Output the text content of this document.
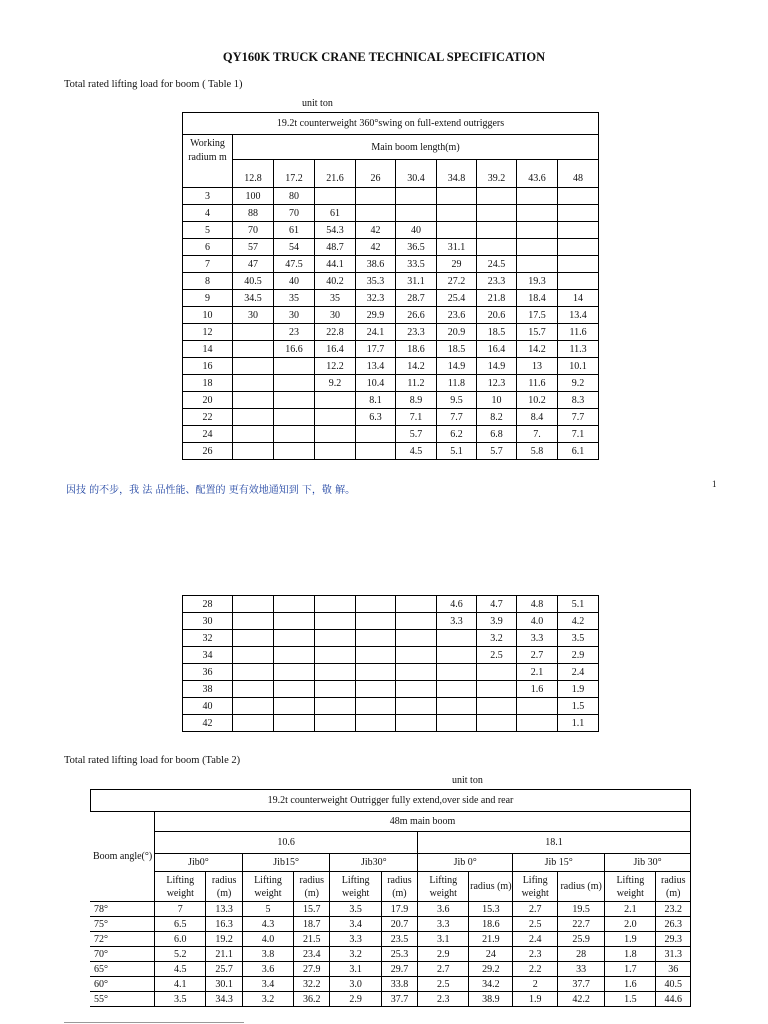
QY160K TRUCK CRANE TECHNICAL SPECIFICATION
Total rated lifting load for boom ( Table 1)
unit ton
19.2t counterweight 360°swing on full-extend outriggers									
Working radium m	Main boom length(m)								
	12.8	17.2	21.6	26	30.4	34.8	39.2	43.6	48
3	100	80							
4	88	70	61						
5	70	61	54.3	42	40				
6	57	54	48.7	42	36.5	31.1			
7	47	47.5	44.1	38.6	33.5	29	24.5		
8	40.5	40	40.2	35.3	31.1	27.2	23.3	19.3	
9	34.5	35	35	32.3	28.7	25.4	21.8	18.4	14
10	30	30	30	29.9	26.6	23.6	20.6	17.5	13.4
12		23	22.8	24.1	23.3	20.9	18.5	15.7	11.6
14		16.6	16.4	17.7	18.6	18.5	16.4	14.2	11.3
16			12.2	13.4	14.2	14.9	14.9	13	10.1
18			9.2	10.4	11.2	11.8	12.3	11.6	9.2
20				8.1	8.9	9.5	10	10.2	8.3
22				6.3	7.1	7.7	8.2	8.4	7.7
24					5.7	6.2	6.8	7.	7.1
26					4.5	5.1	5.7	5.8	6.1
因技 的不步，我 法 品性能、配置的 更有效地通知到 下，敬 解。
1
28						4.6	4.7	4.8	5.1
30						3.3	3.9	4.0	4.2
32							3.2	3.3	3.5
34							2.5	2.7	2.9
36								2.1	2.4
38								1.6	1.9
40									1.5
42									1.1
Total rated lifting load for boom (Table 2)
unit ton
19.2t counterweight Outrigger fully extend,over side and rear												

Boom angle(°)	48m main boom											
	10.6						18.1					
	Jib0°		Jib15°		Jib30°		Jib 0°		Jib 15°		Jib 30°	
	Lifting weight	radius (m)	Lifting weight	radius (m)	Lifting weight	radius (m)	Lifting weight	radius (m)	Lifing weight	radius (m)	Lifting weight	radius (m)
78°	7	13.3	5	15.7	3.5	17.9	3.6	15.3	2.7	19.5	2.1	23.2
75°	6.5	16.3	4.3	18.7	3.4	20.7	3.3	18.6	2.5	22.7	2.0	26.3
72°	6.0	19.2	4.0	21.5	3.3	23.5	3.1	21.9	2.4	25.9	1.9	29.3
70°	5.2	21.1	3.8	23.4	3.2	25.3	2.9	24	2.3	28	1.8	31.3
65°	4.5	25.7	3.6	27.9	3.1	29.7	2.7	29.2	2.2	33	1.7	36
60°	4.1	30.1	3.4	32.2	3.0	33.8	2.5	34.2	2	37.7	1.6	40.5
55°	3.5	34.3	3.2	36.2	2.9	37.7	2.3	38.9	1.9	42.2	1.5	44.6
